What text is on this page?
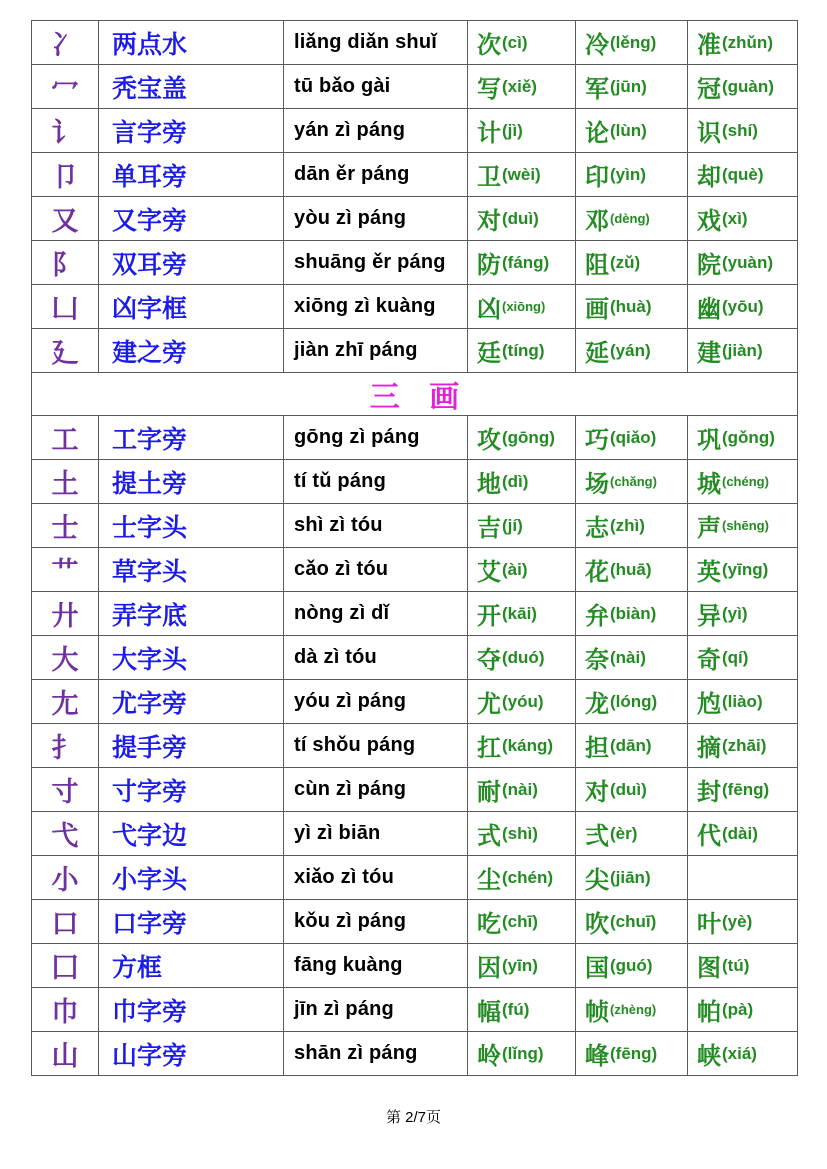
冫 两点水	liǎng diǎn shuǐ 次 (cì) 冷 (lěng) 准 (zhǔn)
冖 秃宝盖	tū bǎo gài	写 (xiě) 军 (jūn) 冠 (guàn)
讠 言字旁	yán zì páng	计 (jì)	论 (lùn) 识 (shí)
卩 单耳旁	dān ěr páng	卫 (wèi) 印 (yìn) 却 (què)
又 又字旁	yòu zì páng	对 (duì) 邓 (dèng) 戏 (xì)
阝 双耳旁	shuāng ěr páng 防 (fáng) 阻 (zǔ) 院 (yuàn)
凵 凶字框	xiōng zì kuàng 凶 (xiōng) 画 (huà) 幽 (yōu)
廴 建之旁	jiàn zhī páng 廷 (tíng) 延 (yán) 建 (jiàn)
三 画
工 工字旁	gōng zì páng 攻 (gōng) 巧 (qiǎo) 巩 (gǒng)
土 提土旁	tí tǔ páng	地 (dì) 场 (chǎng) 城 (chéng)
士 士字头	shì zì tóu	吉 (jí)	志 (zhì) 声 (shēng)
艹 草字头	cǎo zì tóu	艾 (ài) 花 (huā) 英 (yīng)
廾 弄字底	nòng zì dǐ	开 (kāi) 弁 (biàn) 异 (yì)
大 大字头	dà zì tóu	夺 (duó) 奈 (nài) 奇 (qí)
尢 尤字旁	yóu zì páng	尤 (yóu) 龙 (lóng) 尥 (liào)
扌 提手旁	tí shǒu páng	扛 (káng) 担 (dān) 摘 (zhāi)
寸 寸字旁	cùn zì páng	耐 (nài) 对 (duì) 封 (fēng)
弋 弋字边	yì zì biān	式 (shì) 弍 (èr) 代 (dài)
小 小字头	xiǎo zì tóu	尘 (chén) 尖 (jiān)
口 口字旁	kǒu zì páng	吃 (chī) 吹 (chuī) 叶 (yè)
囗 方框	fāng kuàng	因 (yīn) 国 (guó) 图 (tú)
巾 巾字旁	jīn zì páng	幅 (fú) 帧 (zhèng) 帕 (pà)
山 山字旁	shān zì páng 岭 (lǐng) 峰 (fēng) 峡 (xiá)
第 2/7页
